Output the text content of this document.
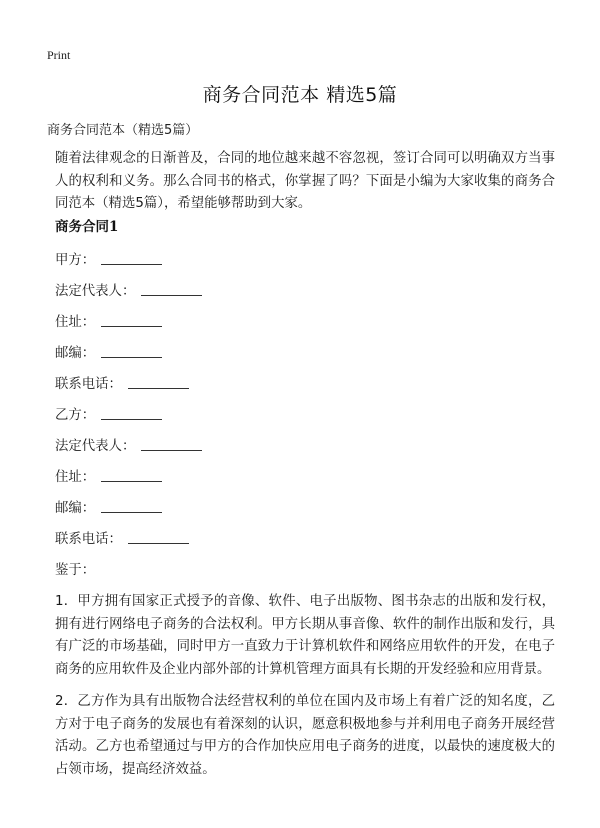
Print
商务合同范本 精选5篇
商务合同范本（精选5篇）

随着法律观念的日渐普及，合同的地位越来越不容忽视，签订合同可以明确双方当事人的权利和义务。那么合同书的格式，你掌握了吗？下面是小编为大家收集的商务合同范本（精选5篇），希望能够帮助到大家。

商务合同1
甲方：
法定代表人：
住址：
邮编：
联系电话：
乙方：
法定代表人：
住址：
邮编：
联系电话：
鉴于：

1．甲方拥有国家正式授予的音像、软件、电子出版物、图书杂志的出版和发行权，拥有进行网络电子商务的合法权利。甲方长期从事音像、软件的制作出版和发行，具有广泛的市场基础，同时甲方一直致力于计算机软件和网络应用软件的开发，在电子商务的应用软件及企业内部外部的计算机管理方面具有长期的开发经验和应用背景。

2．乙方作为具有出版物合法经营权利的单位在国内及市场上有着广泛的知名度，乙方对于电子商务的发展也有着深刻的认识，愿意积极地参与并利用电子商务开展经营活动。乙方也希望通过与甲方的合作加快应用电子商务的进度，以最快的速度极大的占领市场，提高经济效益。
